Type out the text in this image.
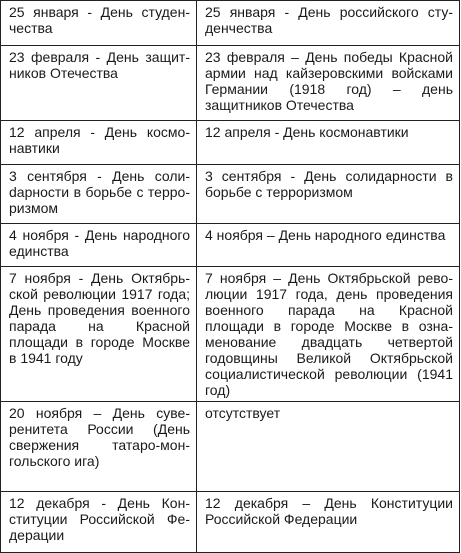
25 января - День студенчества	25 января - День российского студенчества
23 февраля - День защитников Отечества	23 февраля – День победы Красной армии над кайзеровскими войсками Германии (1918 год) – день защитников Отечества
12 апреля - День космонавтики	12 апреля - День космонавтики
3 сентября - День солиdарности в борьбе с терроризмом	3 сентября - День солидарности в борьбе с терроризмом
4 ноября - День народного единства	4 ноября – День народного единства
7 ноября - День Октябрьской революции 1917 года; День проведения военного парада на Красной площади в городе Москве в 1941 году	7 ноября – День Октябрьской революции 1917 года, день проведения военного парада на Красной площади в городе Москве в ознаменование двадцать четвертой годовщины Великой Октябрьской социалистической революции (1941 год)
20 ноября – День суверенитета России (День свержения татаро-монгольского ига)	отсутствует
12 декабря - День Конституции Российской Федерации	12 декабря – День Конституции Российской Федерации
